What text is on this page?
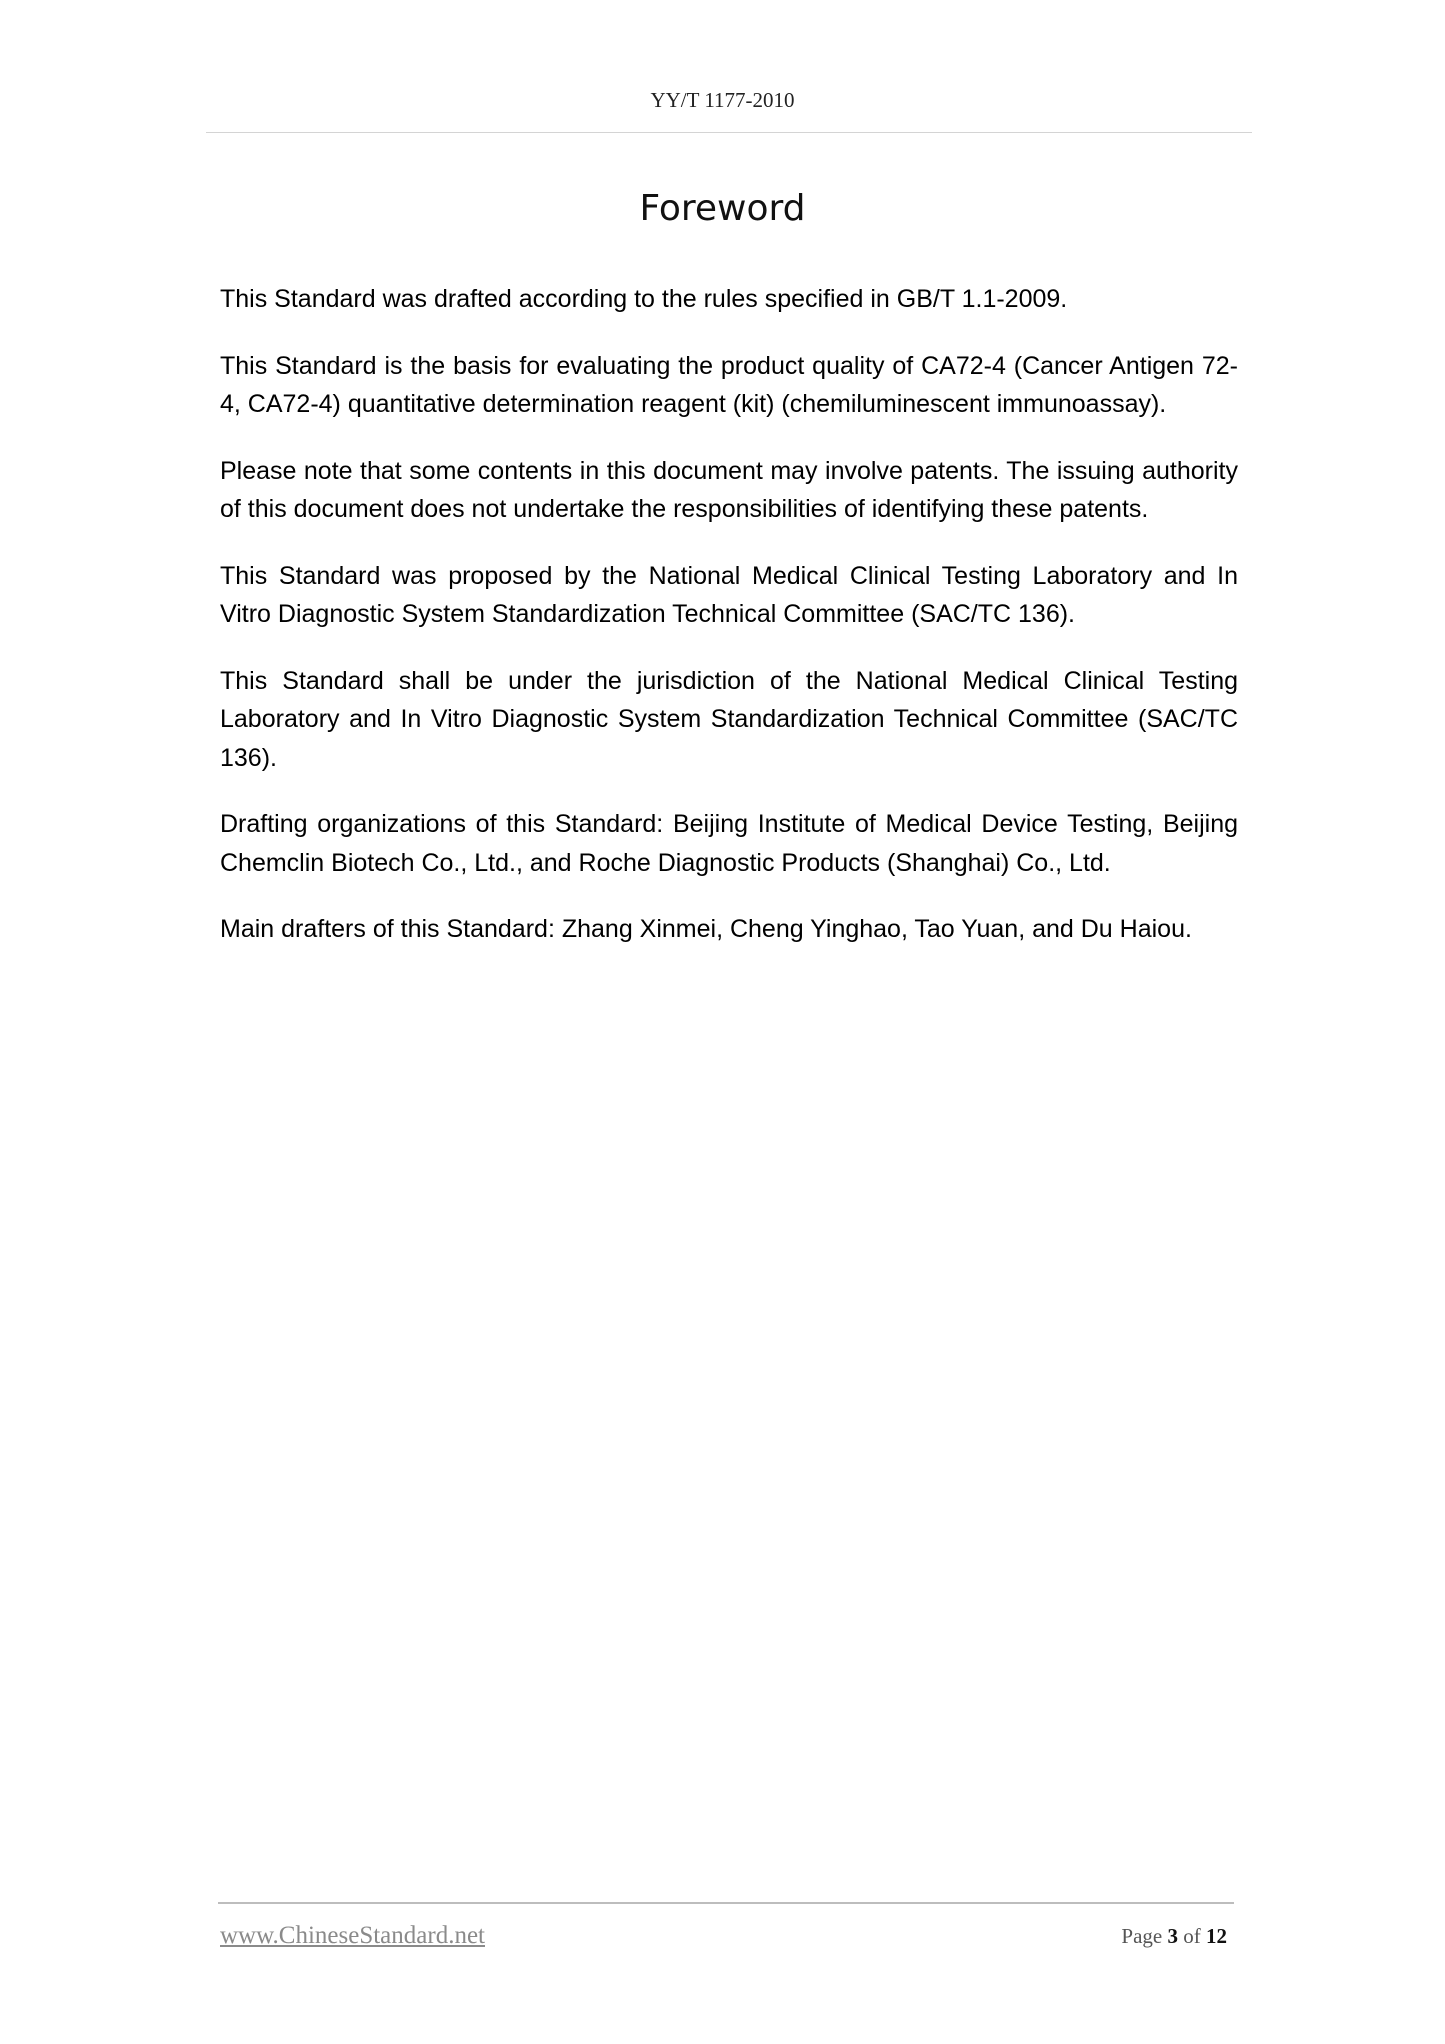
YY/T 1177-2010
Foreword

This Standard was drafted according to the rules specified in GB/T 1.1-2009.

This Standard is the basis for evaluating the product quality of CA72-4 (Cancer Antigen 72-4, CA72-4) quantitative determination reagent (kit) (chemiluminescent immunoassay).

Please note that some contents in this document may involve patents. The issuing authority of this document does not undertake the responsibilities of identifying these patents.

This Standard was proposed by the National Medical Clinical Testing Laboratory and In Vitro Diagnostic System Standardization Technical Committee (SAC/TC 136).

This Standard shall be under the jurisdiction of the National Medical Clinical Testing Laboratory and In Vitro Diagnostic System Standardization Technical Committee (SAC/TC 136).

Drafting organizations of this Standard: Beijing Institute of Medical Device Testing, Beijing Chemclin Biotech Co., Ltd., and Roche Diagnostic Products (Shanghai) Co., Ltd.

Main drafters of this Standard: Zhang Xinmei, Cheng Yinghao, Tao Yuan, and Du Haiou.

www.ChineseStandard.net	Page 3 of 12
